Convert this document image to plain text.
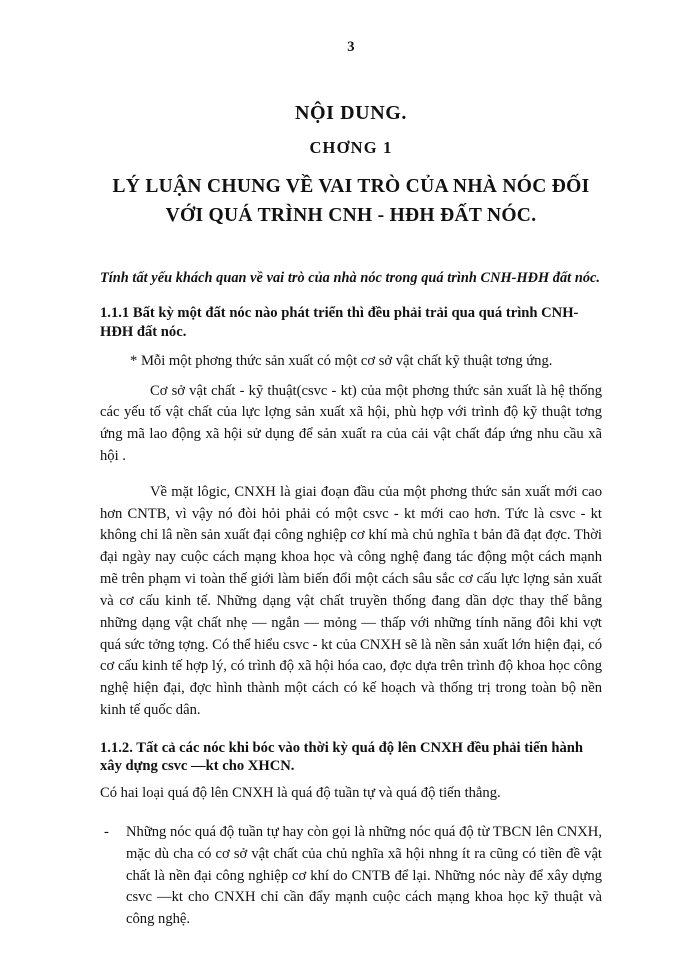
3
NỘI DUNG.
CHƠNG 1
LÝ LUẬN CHUNG VỀ VAI TRÒ CỦA NHÀ NÓC ĐỐI
VỚI QUÁ TRÌNH CNH - HĐH ĐẤT NÓC.
Tính tất yếu khách quan về vai trò của nhà nóc trong quá trình CNH-HĐH đất nóc.
1.1.1 Bất kỳ một đất nóc nào phát triển thì đều phải trải qua quá trình CNH-HĐH đất nóc.

* Mỗi một phơng thức sản xuất có một cơ sở vật chất kỹ thuật tơng ứng.

Cơ sở vật chất - kỹ thuật(csvc - kt) của một phơng thức sản xuất là hệ thống các yếu tố vật chất của lực lợng sản xuất xã hội, phù hợp với trình độ kỹ thuật tơng ứng mã lao động xã hội sử dụng để sản xuất ra của cải vật chất đáp ứng nhu cầu xã hội .

Về mặt lôgic, CNXH là giai đoạn đầu của một phơng thức sản xuất mới cao hơn CNTB, vì vậy nó đòi hỏi phải có một csvc - kt mới cao hơn. Tức là csvc - kt không chỉ lâ nền sản xuất đại công nghiệp cơ khí mà chủ nghĩa t bản đã đạt đợc. Thời đại ngày nay cuộc cách mạng khoa học và công nghệ đang tác động một cách mạnh mẽ trên phạm vi toàn thế giới làm biến đổi một cách sâu sắc cơ cấu lực lợng sản xuất và cơ cấu kinh tế. Những dạng vật chất truyền thống đang dần dợc thay thế bằng những dạng vật chất nhẹ — ngắn — mỏng — thấp với những tính năng đôi khi vợt quá sức tởng tợng. Có thể hiểu csvc - kt của CNXH sẽ là nền sản xuất lớn hiện đại, có cơ cấu kinh tế hợp lý, có trình độ xã hội hóa cao, đợc dựa trên trình độ khoa học công nghệ hiện đại, đợc hình thành một cách có kế hoạch và thống trị trong toàn bộ nền kinh tế quốc dân.

1.1.2. Tất cả các nóc khi bóc vào thời kỳ quá độ lên CNXH đều phải tiến hành xây dựng csvc —kt cho XHCN.

Có hai loại quá độ lên CNXH là quá độ tuần tự và quá độ tiến thẳng.

-	Những nóc quá độ tuần tự hay còn gọi là những nóc quá độ từ TBCN lên CNXH, mặc dù cha có cơ sở vật chất của chủ nghĩa xã hội nhng ít ra cũng có tiền đề vật chất là nền đại công nghiệp cơ khí do CNTB để lại. Những nóc này để xây dựng csvc —kt cho CNXH chỉ cần đẩy mạnh cuộc cách mạng khoa học kỹ thuật và công nghệ.
